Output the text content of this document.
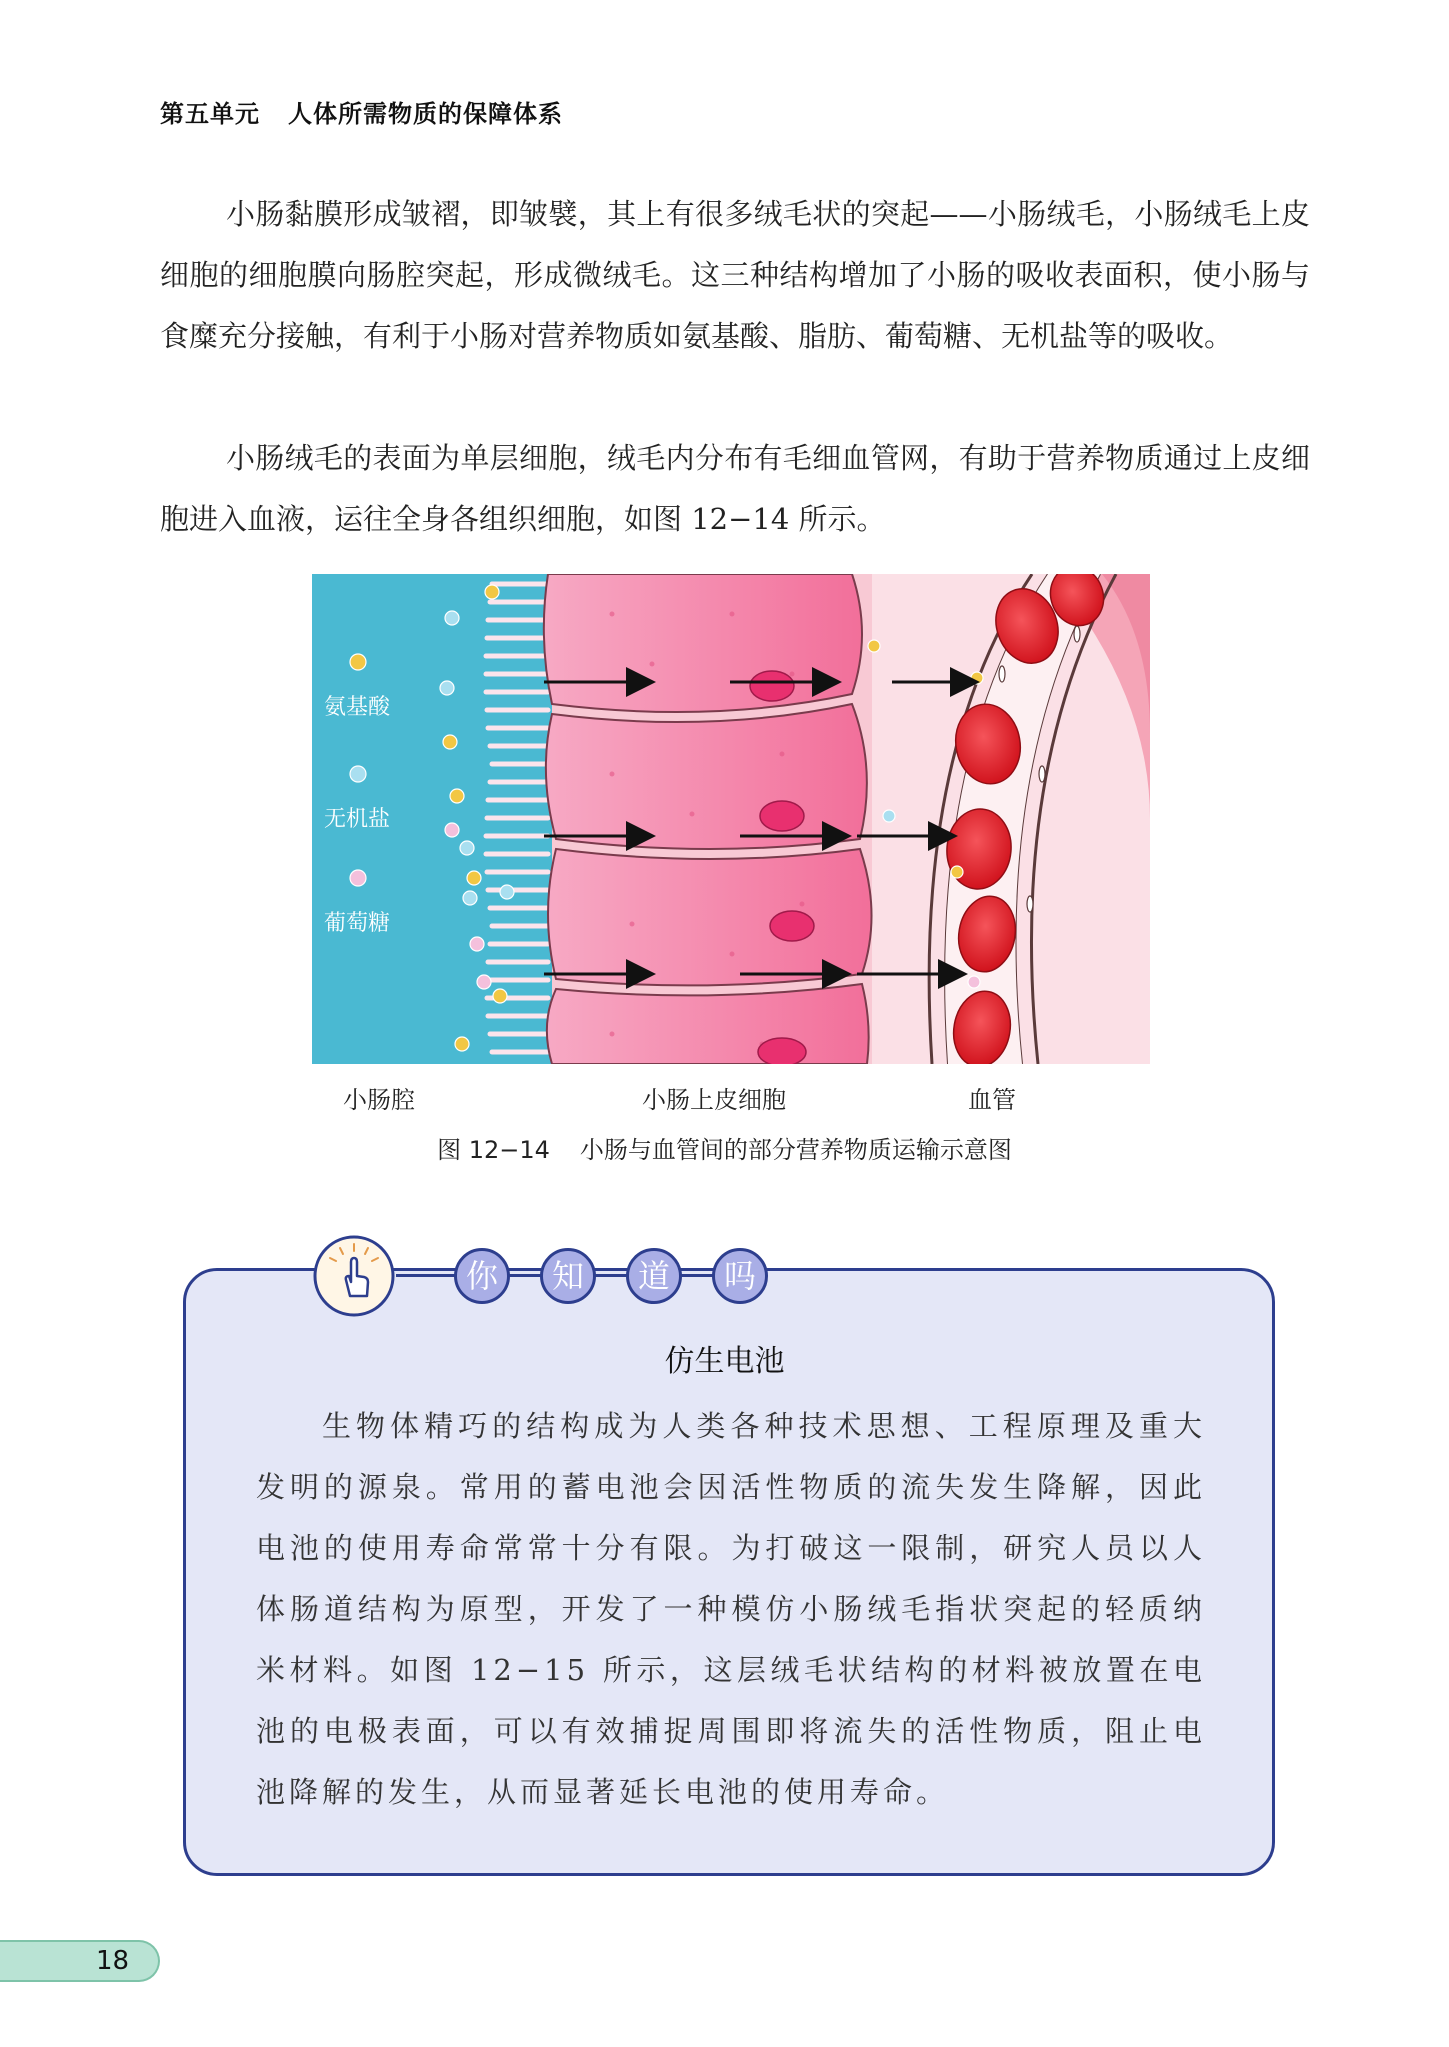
第五单元 人体所需物质的保障体系

小肠黏膜形成皱褶，即皱襞，其上有很多绒毛状的突起——小肠绒毛，小肠绒毛上皮细胞的细胞膜向肠腔突起，形成微绒毛。这三种结构增加了小肠的吸收表面积，使小肠与食糜充分接触，有利于小肠对营养物质如氨基酸、脂肪、葡萄糖、无机盐等的吸收。

小肠绒毛的表面为单层细胞，绒毛内分布有毛细血管网，有助于营养物质通过上皮细胞进入血液，运往全身各组织细胞，如图 12−14 所示。

氨基酸
无机盐
葡萄糖
小肠腔	小肠上皮细胞	血管
图 12−14 小肠与血管间的部分营养物质运输示意图
你	知	道	吗
仿生电池

生物体精巧的结构成为人类各种技术思想、工程原理及重大发明的源泉。常用的蓄电池会因活性物质的流失发生降解，因此电池的使用寿命常常十分有限。为打破这一限制，研究人员以人体肠道结构为原型，开发了一种模仿小肠绒毛指状突起的轻质纳米材料。如图 12−15 所示，这层绒毛状结构的材料被放置在电池的电极表面，可以有效捕捉周围即将流失的活性物质，阻止电池降解的发生，从而显著延长电池的使用寿命。

18
